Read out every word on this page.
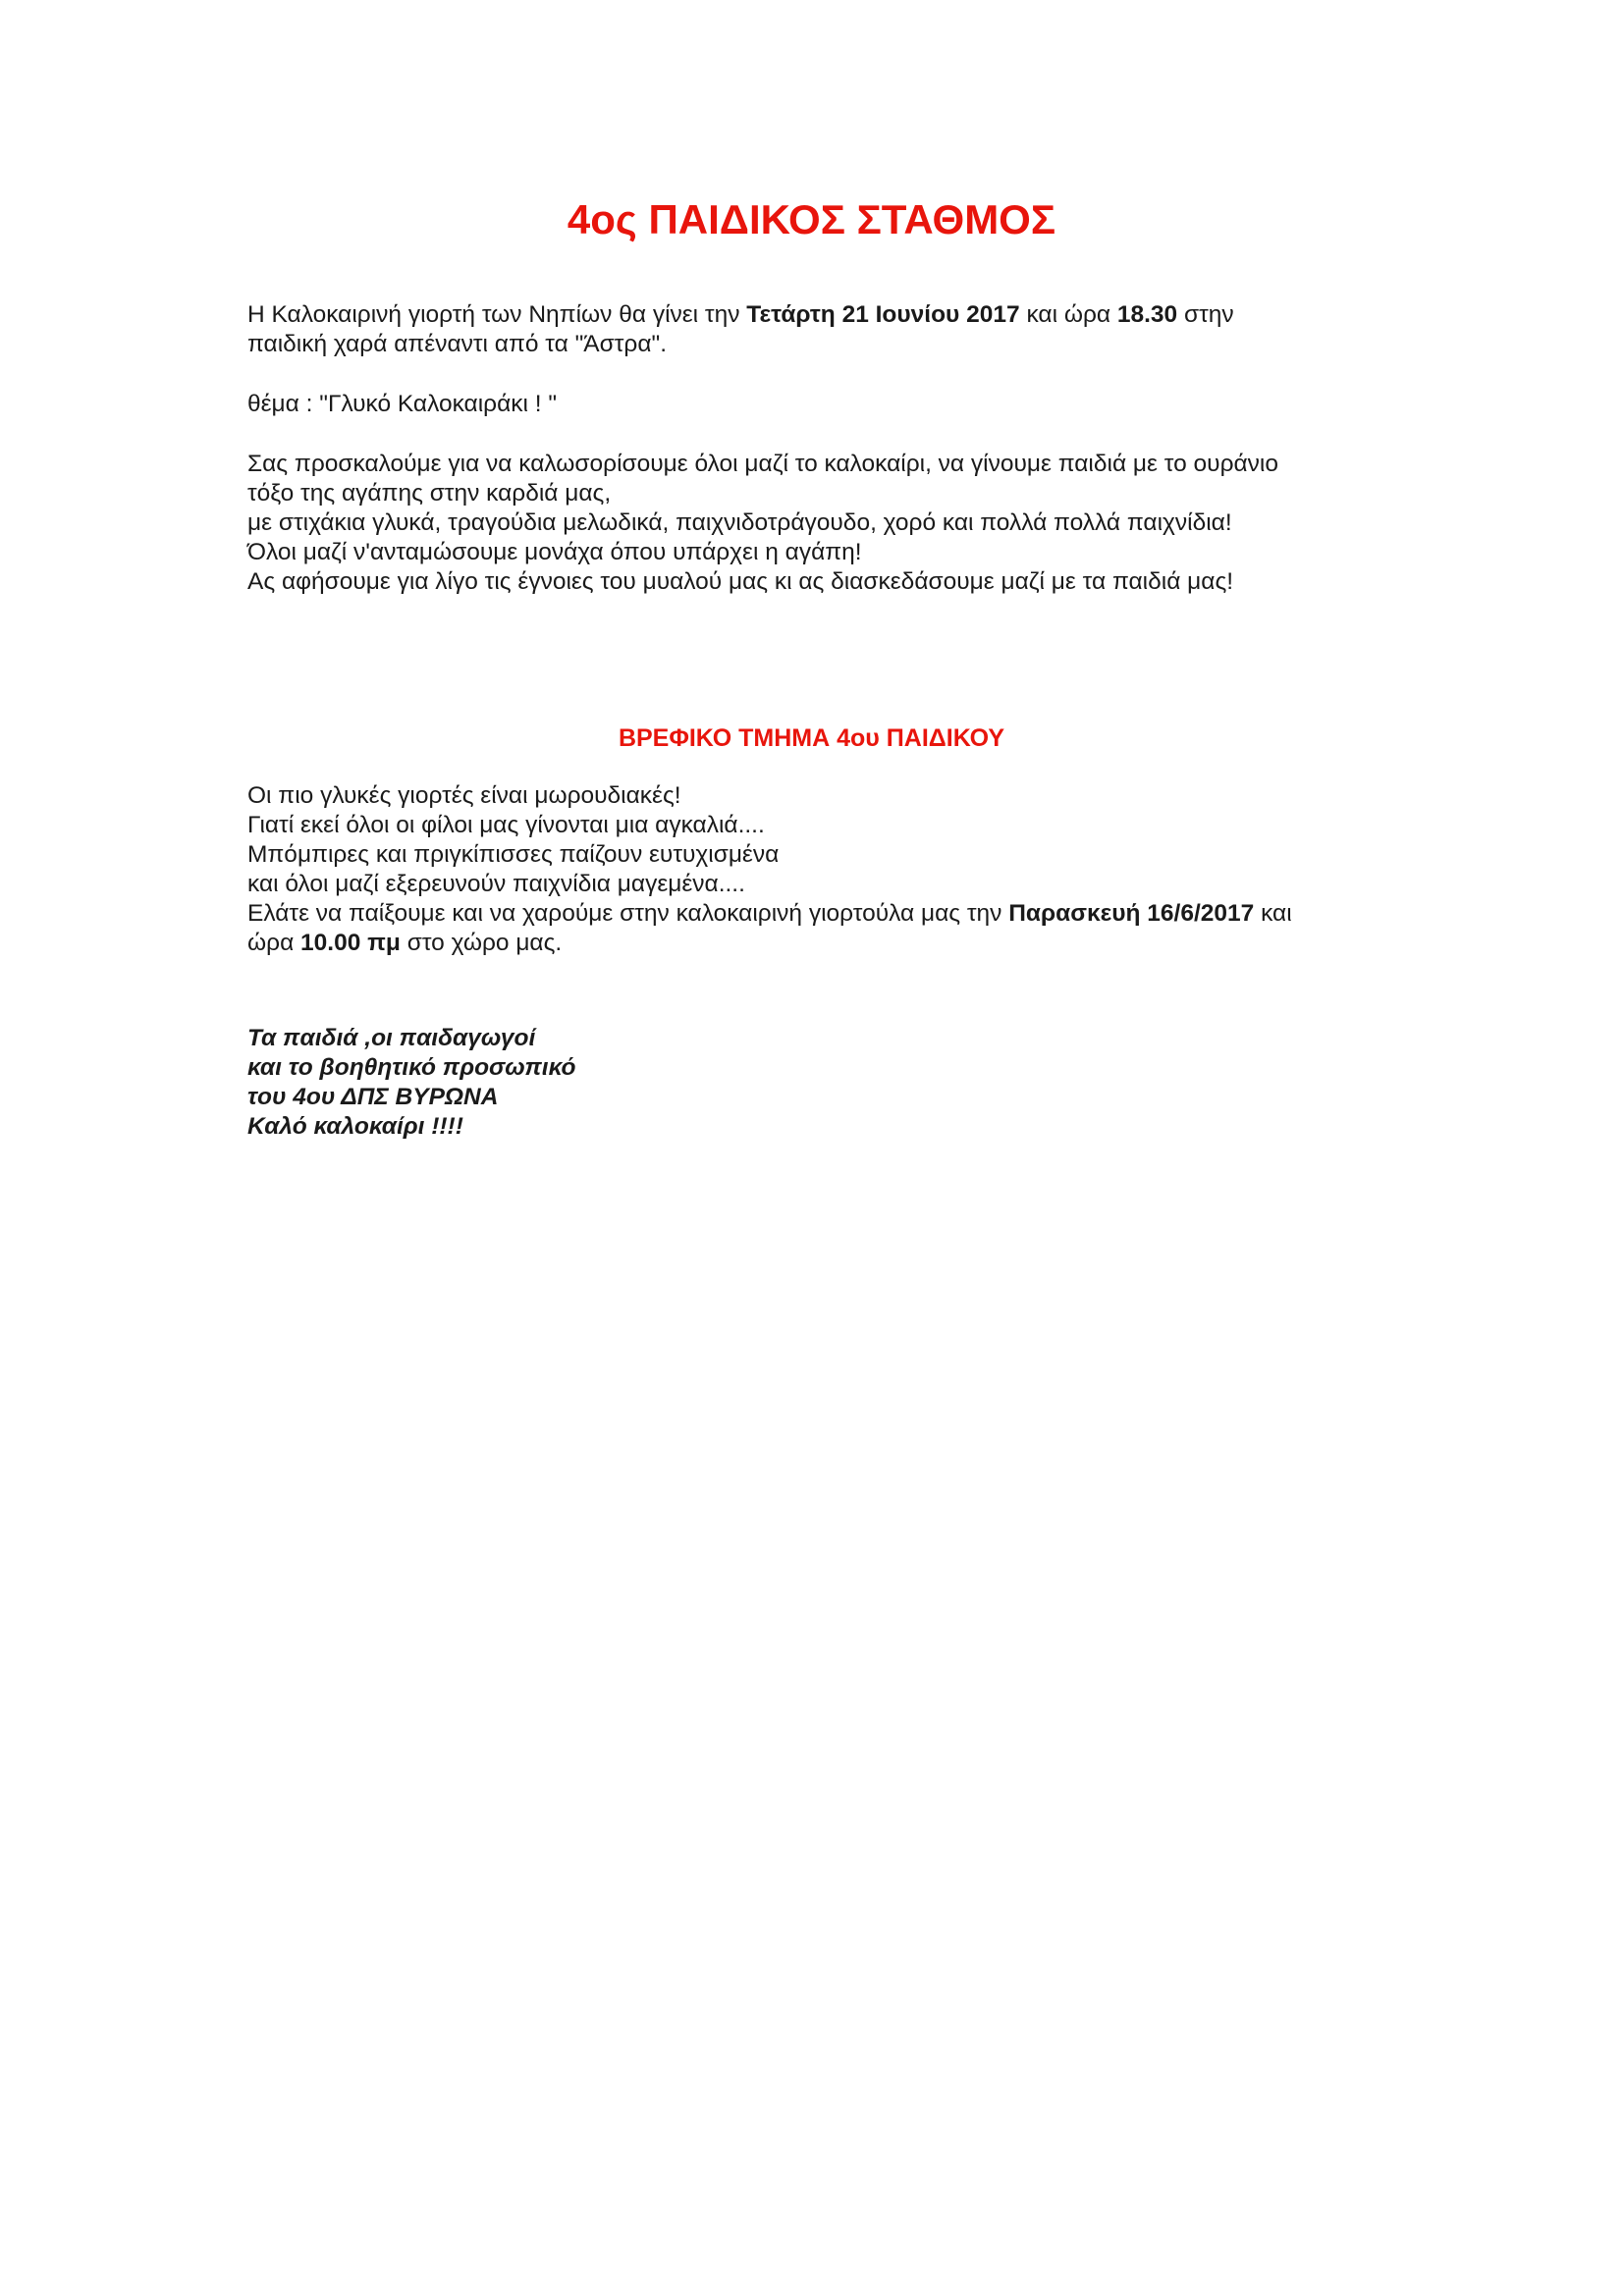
4ος ΠΑΙΔΙΚΟΣ ΣΤΑΘΜΟΣ
Η Καλοκαιρινή γιορτή των Νηπίων θα γίνει την Τετάρτη 21 Ιουνίου 2017 και ώρα 18.30 στην
παιδική χαρά απέναντι από τα "Άστρα".
θέμα : "Γλυκό Καλοκαιράκι ! "
Σας προσκαλούμε για να καλωσορίσουμε όλοι μαζί το καλοκαίρι, να γίνουμε παιδιά με το ουράνιο
τόξο της αγάπης στην καρδιά μας,
με στιχάκια γλυκά, τραγούδια μελωδικά, παιχνιδοτράγουδο, χορό και πολλά πολλά παιχνίδια!
Όλοι μαζί ν'ανταμώσουμε μονάχα όπου υπάρχει η αγάπη!
Ας αφήσουμε για λίγο τις έγνοιες του μυαλού μας κι ας διασκεδάσουμε μαζί με τα παιδιά μας!
ΒΡΕΦΙΚΟ ΤΜΗΜΑ 4ου ΠΑΙΔΙΚΟΥ
Οι πιο γλυκές γιορτές είναι μωρουδιακές!
Γιατί εκεί όλοι οι φίλοι μας γίνονται μια αγκαλιά....
Μπόμπιρες και πριγκίπισσες παίζουν ευτυχισμένα
και όλοι μαζί εξερευνούν παιχνίδια μαγεμένα....
Ελάτε να παίξουμε και να χαρούμε στην καλοκαιρινή γιορτούλα μας την Παρασκευή 16/6/2017 και
ώρα 10.00 πμ στο χώρο μας.
Τα παιδιά ,οι παιδαγωγοί
και το βοηθητικό προσωπικό
του 4ου ΔΠΣ ΒΥΡΩΝΑ
Καλό καλοκαίρι !!!!
